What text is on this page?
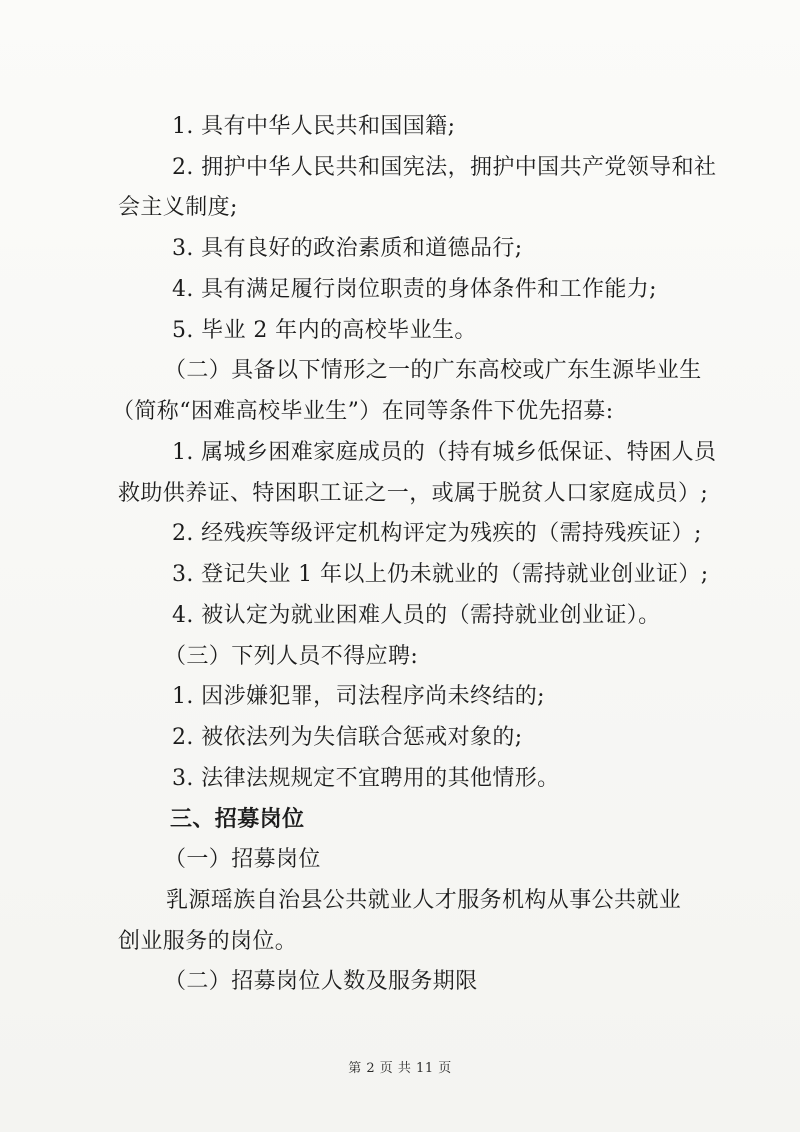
1. 具有中华人民共和国国籍;
2. 拥护中华人民共和国宪法，拥护中国共产党领导和社
会主义制度;
3. 具有良好的政治素质和道德品行;
4. 具有满足履行岗位职责的身体条件和工作能力;
5. 毕业 2 年内的高校毕业生。
（二）具备以下情形之一的广东高校或广东生源毕业生
（简称“困难高校毕业生”）在同等条件下优先招募:
1. 属城乡困难家庭成员的（持有城乡低保证、特困人员
救助供养证、特困职工证之一，或属于脱贫人口家庭成员）;
2. 经残疾等级评定机构评定为残疾的（需持残疾证）;
3. 登记失业 1 年以上仍未就业的（需持就业创业证）;
4. 被认定为就业困难人员的（需持就业创业证）。
（三）下列人员不得应聘:
1. 因涉嫌犯罪，司法程序尚未终结的;
2. 被依法列为失信联合惩戒对象的;
3. 法律法规规定不宜聘用的其他情形。
三、招募岗位
（一）招募岗位
乳源瑶族自治县公共就业人才服务机构从事公共就业
创业服务的岗位。
（二）招募岗位人数及服务期限
第 2 页 共 11 页
